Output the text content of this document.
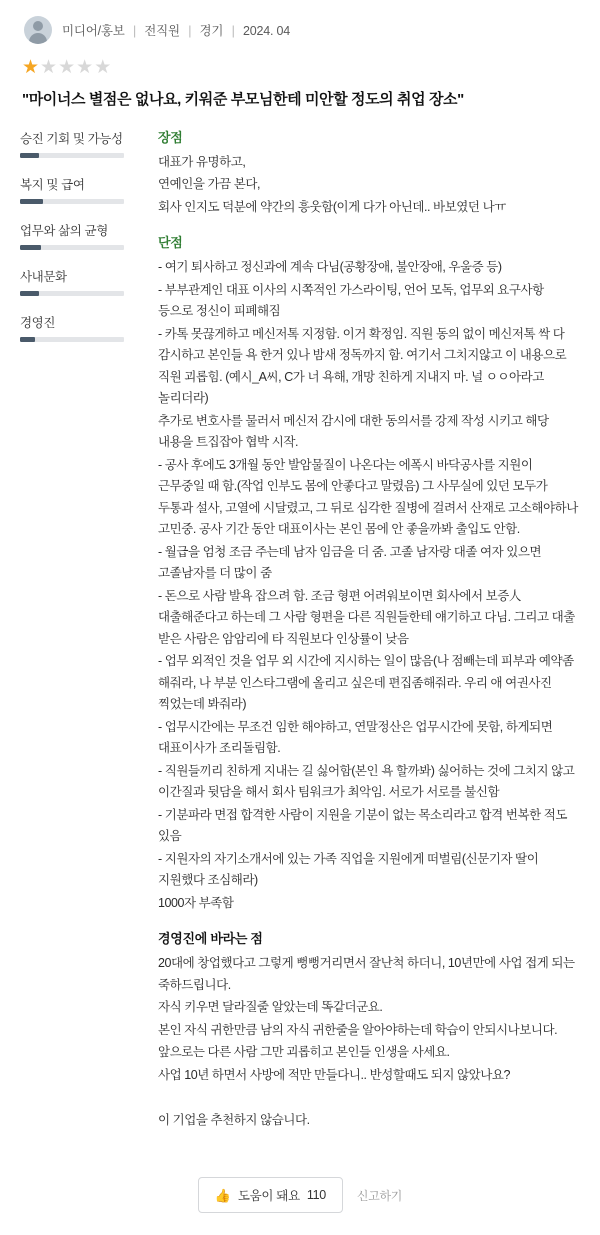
미디어/홍보 | 전직원 | 경기 | 2024. 04
★ ★ ★ ★ ★
"마이너스 별점은 없나요, 키워준 부모님한테 미안할 정도의 취업 장소"
승진 기회 및 가능성
복지 및 급여
업무와 삶의 균형
사내문화
경영진
장점

대표가 유명하고,

연예인을 가끔 본다,

회사 인지도 덕분에 약간의 흥웃함(이게 다가 아닌데.. 바보였던 나ㅠ

단점

- 여기 퇴사하고 정신과에 계속 다님(공황장애, 불안장애, 우울증 등)

- 부부관계인 대표 이사의 시쪽적인 가스라이팅, 언어 모독, 업무외 요구사항 등으로 정신이 피폐해짐

- 카톡 못끊게하고 메신저톡 지정함. 이거 확정임. 직원 동의 없이 메신저톡 싹 다 감시하고 본인들 욕 한거 있나 밤새 정독까지 함. 여기서 그치지않고 이 내용으로 직원 괴롭힘. (예시_A씨, C가 너 욕해, 개망 친하게 지내지 마. 널 ㅇㅇ아라고 놀리더라)

추가로 변호사를 물러서 메신저 감시에 대한 동의서를 강제 작성 시키고 해당 내용을 트집잡아 협박 시작.

- 공사 후에도 3개월 동안 발암물질이 나온다는 에폭시 바닥공사를 지원이 근무중일 때 함.(작업 인부도 몸에 안좋다고 말렸음) 그 사무실에 있던 모두가 두통과 설사, 고열에 시달렸고, 그 뒤로 심각한 질병에 걸려서 산재로 고소해야하나 고민중. 공사 기간 동안 대표이사는 본인 몸에 안 좋을까봐 출입도 안함.

- 월급을 엄청 조금 주는데 남자 임금을 더 줌. 고졸 남자랑 대졸 여자 있으면 고졸남자를 더 많이 줌

- 돈으로 사람 발욕 잡으려 함. 조금 형편 어려워보이면 회사에서 보증人 대출해준다고 하는데 그 사람 형편을 다른 직원들한테 얘기하고 다님. 그리고 대출 받은 사람은 암암리에 타 직원보다 인상률이 낮음

- 업무 외적인 것을 업무 외 시간에 지시하는 일이 많음(나 점빼는데 피부과 예약좀 해줘라, 나 부분 인스타그램에 올리고 싶은데 편집좀해줘라. 우리 애 여권사진 찍었는데 봐줘라)

- 업무시간에는 무조건 임한 해야하고, 연말정산은 업무시간에 못함, 하게되면 대표이사가 조리돌림함.

- 직원들끼리 친하게 지내는 길 싫어함(본인 욕 할까봐) 싫어하는 것에 그치지 않고 이간질과 뒷담을 해서 회사 팀워크가 최악임. 서로가 서로를 불신함

- 기분파라 면접 합격한 사람이 지원을 기분이 없는 목소리라고 합격 번복한 적도 있음

- 지원자의 자기소개서에 있는 가족 직업을 지원에게 떠벌림(신문기자 딸이 지원했다 조심해라)

1000자 부족함

경영진에 바라는 점

20대에 창업했다고 그렇게 뻥뻥거리면서 잘난척 하더니, 10년만에 사업 접게 되는 죽하드립니다.

자식 키우면 달라질줄 알았는데 똑같더군요.

본인 자식 귀한만큼 남의 자식 귀한줄을 알아야하는데 학습이 안되시나보니다.

앞으로는 다른 사람 그만 괴롭히고 본인들 인생을 사세요.

사업 10년 하면서 사방에 적만 만들다니.. 반성할때도 되지 않았나요?

이 기업을 추천하지 않습니다.

👍 도움이 돼요 110	신고하기
